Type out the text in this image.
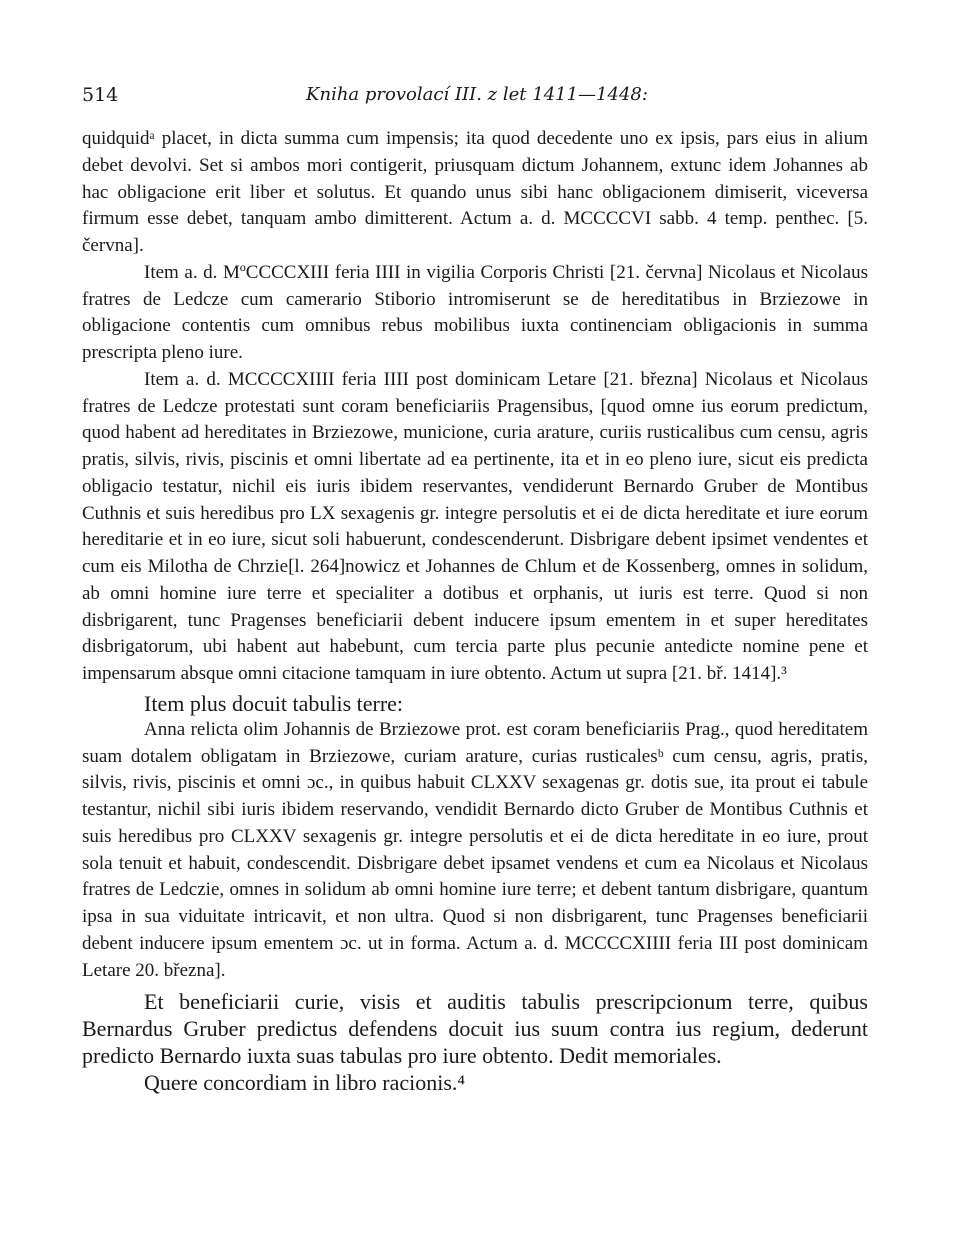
514	Kniha provolací III. z let 1411—1448:

quidquidᵃ placet, in dicta summa cum impensis; ita quod decedente uno ex ipsis, pars eius in alium debet devolvi. Set si ambos mori contigerit, priusquam dictum Johannem, extunc idem Johannes ab hac obligacione erit liber et solutus. Et quando unus sibi hanc obligacionem dimiserit, viceversa firmum esse debet, tanquam ambo dimitterent. Actum a. d. MCCCCVI sabb. 4 temp. penthec. [5. června].

Item a. d. MºCCCCXIII feria IIII in vigilia Corporis Christi [21. června] Nicolaus et Nicolaus fratres de Ledcze cum camerario Stiborio intromiserunt se de hereditatibus in Brziezowe in obligacione contentis cum omnibus rebus mobilibus iuxta continenciam obligacionis in summa prescripta pleno iure.

Item a. d. MCCCCXIIII feria IIII post dominicam Letare [21. března] Nicolaus et Nicolaus fratres de Ledcze protestati sunt coram beneficiariis Pragensibus, [quod omne ius eorum predictum, quod habent ad hereditates in Brziezowe, municione, curia arature, curiis rusticalibus cum censu, agris pratis, silvis, rivis, piscinis et omni libertate ad ea pertinente, ita et in eo pleno iure, sicut eis predicta obligacio testatur, nichil eis iuris ibidem reservantes, vendiderunt Bernardo Gruber de Montibus Cuthnis et suis heredibus pro LX sexagenis gr. integre persolutis et ei de dicta hereditate et iure eorum hereditarie et in eo iure, sicut soli habuerunt, condescenderunt. Disbrigare debent ipsimet vendentes et cum eis Milotha de Chrzie[l. 264]nowicz et Johannes de Chlum et de Kossenberg, omnes in solidum, ab omni homine iure terre et specialiter a dotibus et orphanis, ut iuris est terre. Quod si non disbrigarent, tunc Pragenses beneficiarii debent inducere ipsum ementem in et super hereditates disbrigatorum, ubi habent aut habebunt, cum tercia parte plus pecunie antedicte nomine pene et impensarum absque omni citacione tamquam in iure obtento. Actum ut supra [21. bř. 1414].³

Item plus docuit tabulis terre:

Anna relicta olim Johannis de Brziezowe prot. est coram beneficiariis Prag., quod hereditatem suam dotalem obligatam in Brziezowe, curiam arature, curias rusticalesᵇ cum censu, agris, pratis, silvis, rivis, piscinis et omni ɔc., in quibus habuit CLXXV sexagenas gr. dotis sue, ita prout ei tabule testantur, nichil sibi iuris ibidem reservando, vendidit Bernardo dicto Gruber de Montibus Cuthnis et suis heredibus pro CLXXV sexagenis gr. integre persolutis et ei de dicta hereditate in eo iure, prout sola tenuit et habuit, condescendit. Disbrigare debet ipsamet vendens et cum ea Nicolaus et Nicolaus fratres de Ledczie, omnes in solidum ab omni homine iure terre; et debent tantum disbrigare, quantum ipsa in sua viduitate intricavit, et non ultra. Quod si non disbrigarent, tunc Pragenses beneficiarii debent inducere ipsum ementem ɔc. ut in forma. Actum a. d. MCCCCXIIII feria III post dominicam Letare 20. března].

Et beneficiarii curie, visis et auditis tabulis prescripcionum terre, quibus Bernardus Gruber predictus defendens docuit ius suum contra ius regium, dederunt predicto Bernardo iuxta suas tabulas pro iure obtento. Dedit memoriales.

Quere concordiam in libro racionis.⁴
